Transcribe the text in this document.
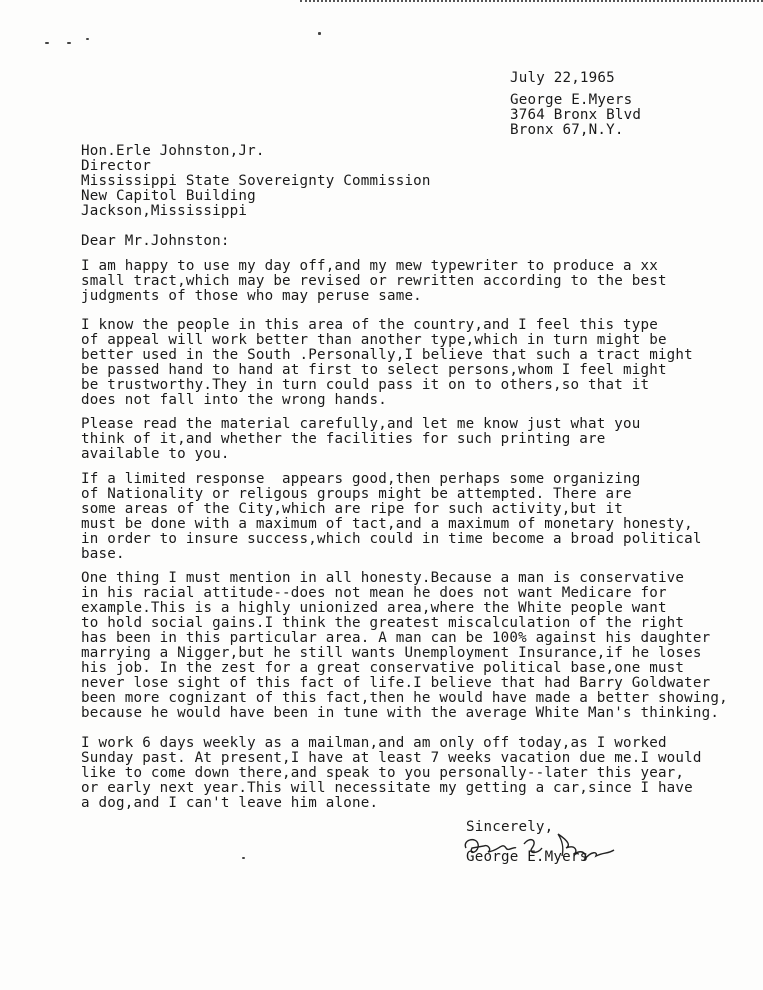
July 22,1965
George E.Myers
3764 Bronx Blvd
Bronx 67,N.Y.
Hon.Erle Johnston,Jr.
Director
Mississippi State Sovereignty Commission
New Capitol Building
Jackson,Mississippi
Dear Mr.Johnston:
I am happy to use my day off,and my mew typewriter to produce a xx
small tract,which may be revised or rewritten according to the best
judgments of those who may peruse same.
I know the people in this area of the country,and I feel this type
of appeal will work better than another type,which in turn might be
better used in the South .Personally,I believe that such a tract might
be passed hand to hand at first to select persons,whom I feel might
be trustworthy.They in turn could pass it on to others,so that it
does not fall into the wrong hands.
Please read the material carefully,and let me know just what you
think of it,and whether the facilities for such printing are
available to you.
If a limited response  appears good,then perhaps some organizing
of Nationality or religous groups might be attempted. There are
some areas of the City,which are ripe for such activity,but it
must be done with a maximum of tact,and a maximum of monetary honesty,
in order to insure success,which could in time become a broad political
base.
One thing I must mention in all honesty.Because a man is conservative
in his racial attitude--does not mean he does not want Medicare for
example.This is a highly unionized area,where the White people want
to hold social gains.I think the greatest miscalculation of the right
has been in this particular area. A man can be 100% against his daughter
marrying a Nigger,but he still wants Unemployment Insurance,if he loses
his job. In the zest for a great conservative political base,one must
never lose sight of this fact of life.I believe that had Barry Goldwater
been more cognizant of this fact,then he would have made a better showing,
because he would have been in tune with the average White Man's thinking.
I work 6 days weekly as a mailman,and am only off today,as I worked
Sunday past. At present,I have at least 7 weeks vacation due me.I would
like to come down there,and speak to you personally--later this year,
or early next year.This will necessitate my getting a car,since I have
a dog,and I can't leave him alone.
Sincerely,
George E.Myers
